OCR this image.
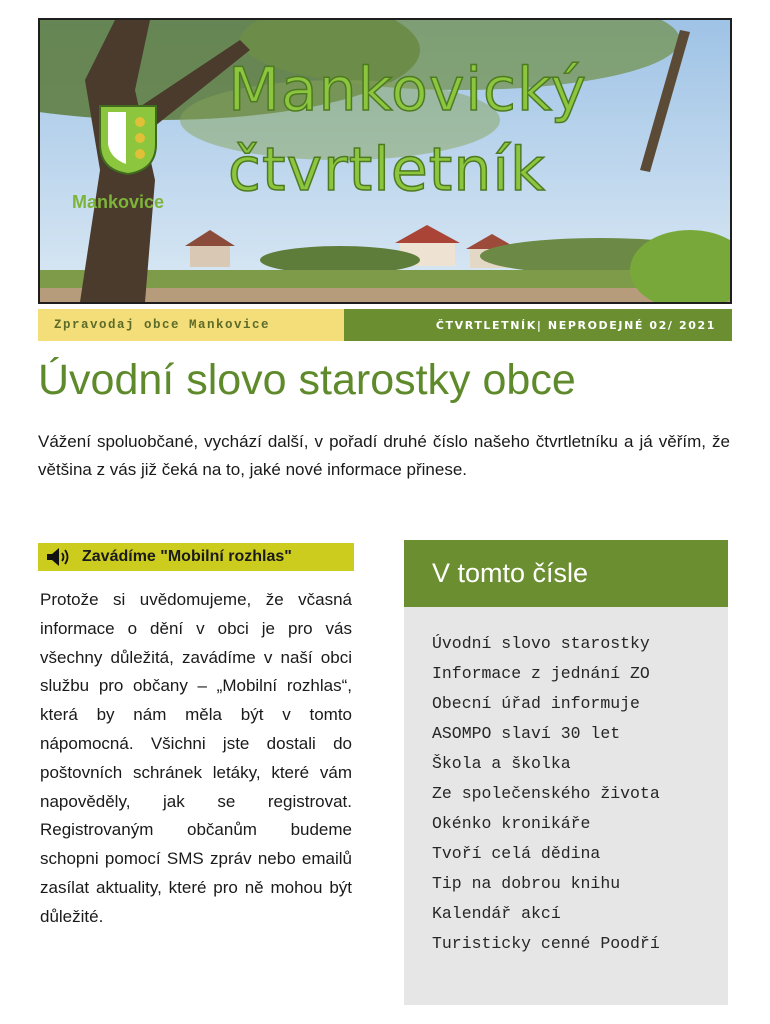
Mankovice
Mankovický
čtvrtletník
Zpravodaj obce Mankovice	ČTVRTLETNÍK| NEPRODEJNÉ 02/ 2021
Úvodní slovo starostky obce

Vážení spoluobčané, vychází další, v pořadí druhé číslo našeho čtvrtletníku a já věřím, že většina z vás již čeká na to, jaké nové informace přinese.

Zavádíme "Mobilní rozhlas"

Protože si uvědomujeme, že včasná informace o dění v obci je pro vás všechny důležitá, zavádíme v naší obci službu pro občany – „Mobilní rozhlas“, která by nám měla být v tomto nápomocná. Všichni jste dostali do poštovních schránek letáky, které vám napověděly, jak se registrovat. Registrovaným občanům budeme schopni pomocí SMS zpráv nebo emailů zasílat aktuality, které pro ně mohou být důležité.

V tomto čísle
Úvodní slovo starostky
Informace z jednání ZO
Obecní úřad informuje
ASOMPO slaví 30 let
Škola a školka
Ze společenského života
Okénko kronikáře
Tvoří celá dědina
Tip na dobrou knihu
Kalendář akcí
Turisticky cenné Poodří
